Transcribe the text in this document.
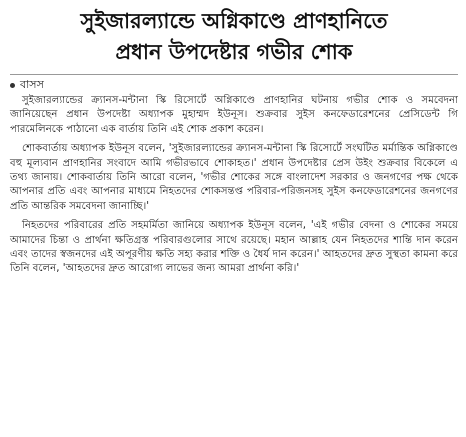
সুইজারল্যান্ডে অগ্নিকাণ্ডে প্রাণহানিতে
প্রধান উপদেষ্টার গভীর শোক
বাসস

সুইজারল্যান্ডের ক্র্যানস-মন্টানা স্কি রিসোর্টে অগ্নিকাণ্ডে প্রাণহানির ঘটনায় গভীর শোক ও সমবেদনা জানিয়েছেন প্রধান উপদেষ্টা অধ্যাপক মুহাম্মদ ইউনূস। শুক্রবার সুইস কনফেডারেশনের প্রেসিডেন্ট গি পারমেলিনকে পাঠানো এক বার্তায় তিনি এই শোক প্রকাশ করেন।

শোকবার্তায় অধ্যাপক ইউনূস বলেন, 'সুইজারল্যান্ডের ক্র্যানস-মন্টানা স্কি রিসোর্টে সংঘটিত মর্মান্তিক অগ্নিকাণ্ডে বহু মূল্যবান প্রাণহানির সংবাদে আমি গভীরভাবে শোকাহত।' প্রধান উপদেষ্টার প্রেস উইং শুক্রবার বিকেলে এ তথ্য জানায়। শোকবার্তায় তিনি আরো বলেন, 'গভীর শোকের সঙ্গে বাংলাদেশ সরকার ও জনগণের পক্ষ থেকে আপনার প্রতি এবং আপনার মাধ্যমে নিহতদের শোকসন্তপ্ত পরিবার-পরিজনসহ সুইস কনফেডারেশনের জনগণের প্রতি আন্তরিক সমবেদনা জানাচ্ছি।'

নিহতদের পরিবারের প্রতি সহমর্মিতা জানিয়ে অধ্যাপক ইউনূস বলেন, 'এই গভীর বেদনা ও শোকের সময়ে আমাদের চিন্তা ও প্রার্থনা ক্ষতিগ্রস্ত পরিবারগুলোর সাথে রয়েছে। মহান আল্লাহ যেন নিহতদের শান্তি দান করেন এবং তাদের স্বজনদের এই অপূরণীয় ক্ষতি সহ্য করার শক্তি ও ধৈর্য দান করেন।' আহতদের দ্রুত সুস্থতা কামনা করে তিনি বলেন, 'আহতদের দ্রুত আরোগ্য লাভের জন্য আমরা প্রার্থনা করি।'
